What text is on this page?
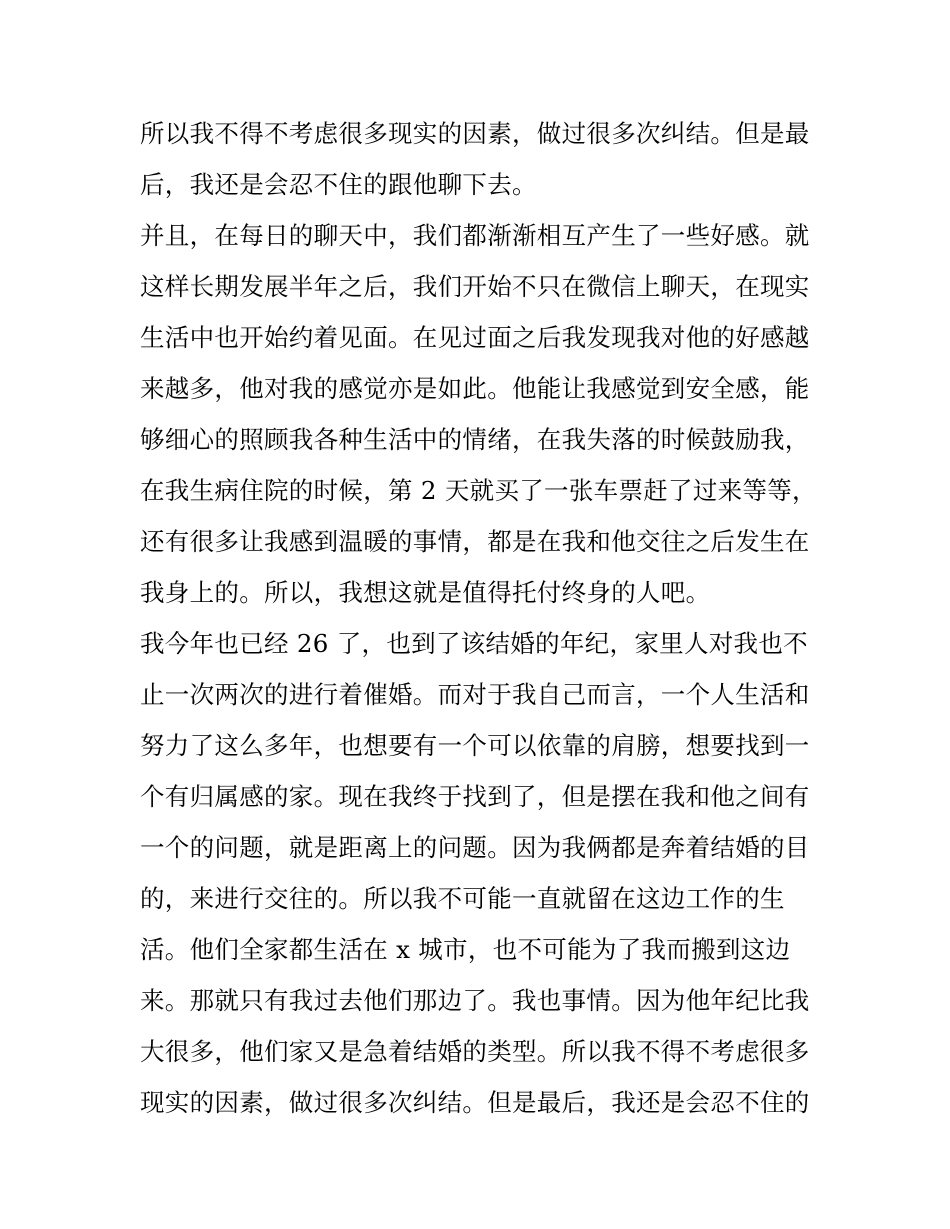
所以我不得不考虑很多现实的因素，做过很多次纠结。但是最
后，我还是会忍不住的跟他聊下去。
并且，在每日的聊天中，我们都渐渐相互产生了一些好感。就
这样长期发展半年之后，我们开始不只在微信上聊天，在现实
生活中也开始约着见面。在见过面之后我发现我对他的好感越
来越多，他对我的感觉亦是如此。他能让我感觉到安全感，能
够细心的照顾我各种生活中的情绪，在我失落的时候鼓励我，
在我生病住院的时候，第 2 天就买了一张车票赶了过来等等，
还有很多让我感到温暖的事情，都是在我和他交往之后发生在
我身上的。所以，我想这就是值得托付终身的人吧。
我今年也已经 26 了，也到了该结婚的年纪，家里人对我也不
止一次两次的进行着催婚。而对于我自己而言，一个人生活和
努力了这么多年，也想要有一个可以依靠的肩膀，想要找到一
个有归属感的家。现在我终于找到了，但是摆在我和他之间有
一个的问题，就是距离上的问题。因为我俩都是奔着结婚的目
的，来进行交往的。所以我不可能一直就留在这边工作的生
活。他们全家都生活在 x 城市，也不可能为了我而搬到这边
来。那就只有我过去他们那边了。我也事情。因为他年纪比我
大很多，他们家又是急着结婚的类型。所以我不得不考虑很多
现实的因素，做过很多次纠结。但是最后，我还是会忍不住的
